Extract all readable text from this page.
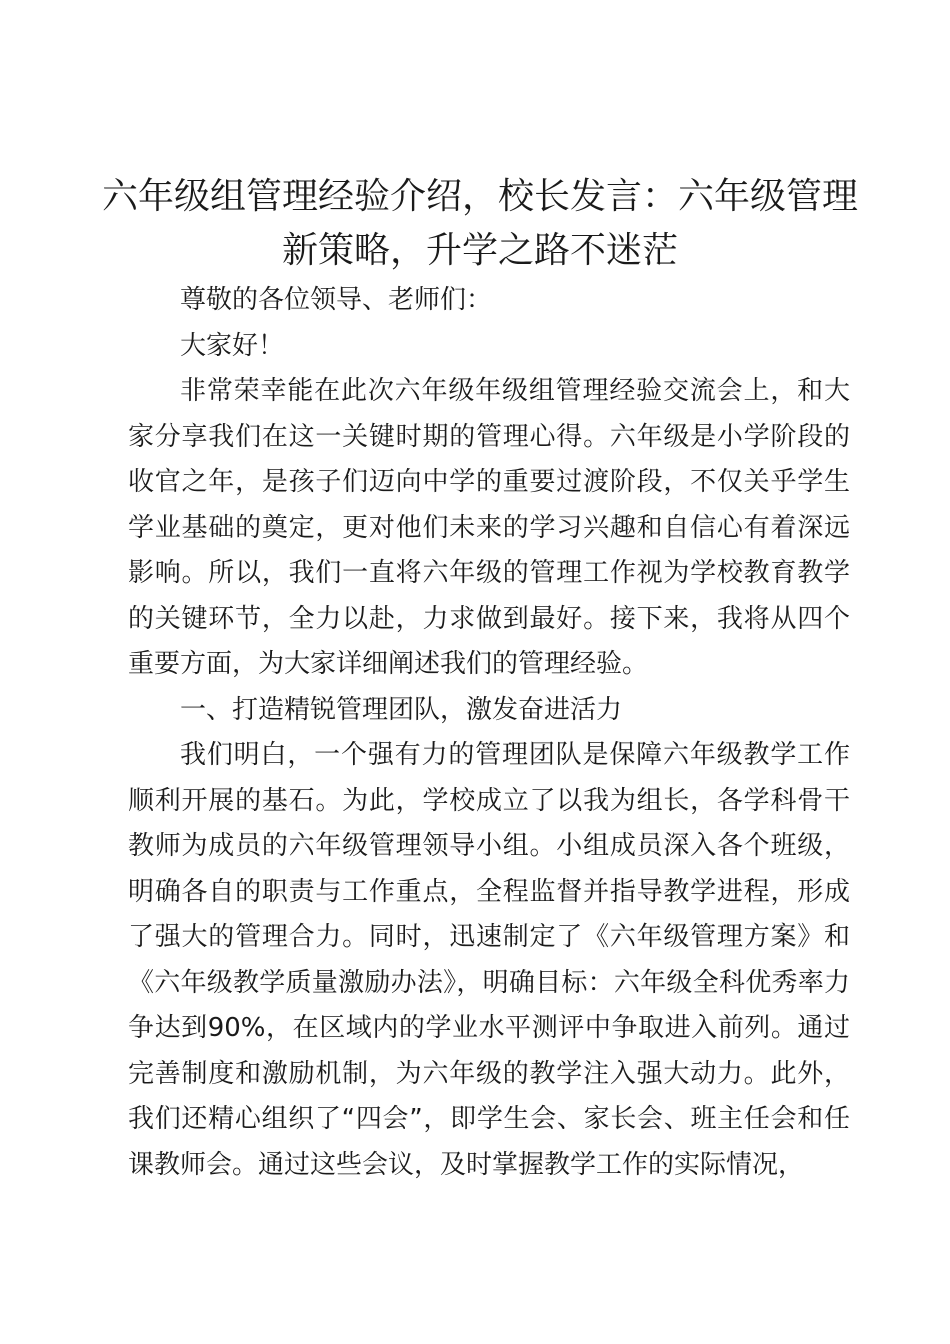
六年级组管理经验介绍，校长发言：六年级管理新策略，升学之路不迷茫

尊敬的各位领导、老师们：

大家好！

非常荣幸能在此次六年级年级组管理经验交流会上，和大家分享我们在这一关键时期的管理心得。六年级是小学阶段的收官之年，是孩子们迈向中学的重要过渡阶段，不仅关乎学生学业基础的奠定，更对他们未来的学习兴趣和自信心有着深远影响。所以，我们一直将六年级的管理工作视为学校教育教学的关键环节，全力以赴，力求做到最好。接下来，我将从四个重要方面，为大家详细阐述我们的管理经验。

一、打造精锐管理团队，激发奋进活力

我们明白，一个强有力的管理团队是保障六年级教学工作顺利开展的基石。为此，学校成立了以我为组长，各学科骨干教师为成员的六年级管理领导小组。小组成员深入各个班级，明确各自的职责与工作重点，全程监督并指导教学进程，形成了强大的管理合力。同时，迅速制定了《六年级管理方案》和《六年级教学质量激励办法》，明确目标：六年级全科优秀率力争达到90%，在区域内的学业水平测评中争取进入前列。通过完善制度和激励机制，为六年级的教学注入强大动力。此外，我们还精心组织了“四会”，即学生会、家长会、班主任会和任课教师会。通过这些会议，及时掌握教学工作的实际情况，
